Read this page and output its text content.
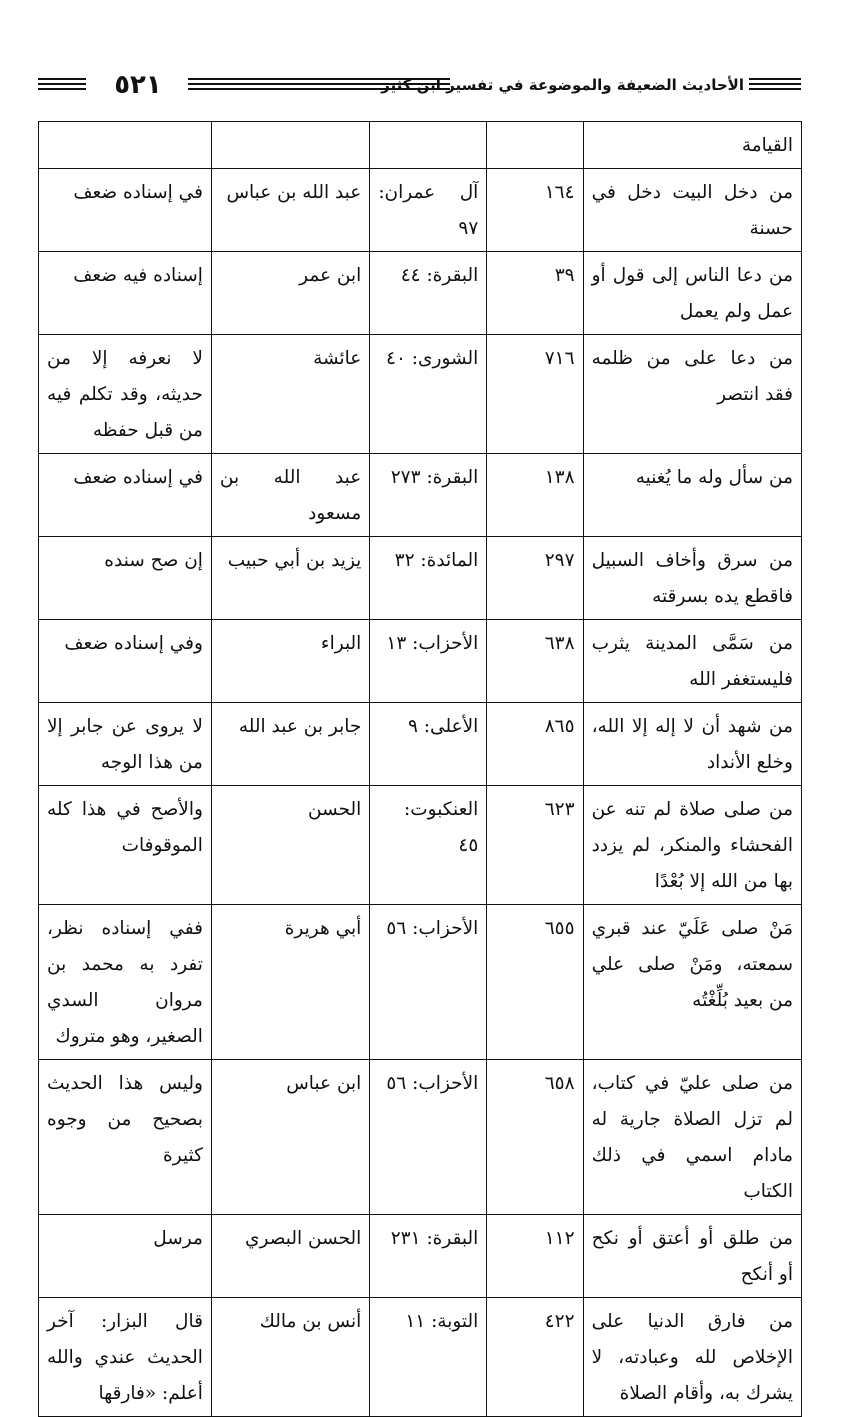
٥٢١	الأحاديث الضعيفة والموضوعة في تفسير ابن كثير
القيامة				
من دخل البيت دخل في حسنة	١٦٤	آل عمران: ٩٧	عبد الله بن عباس	في إسناده ضعف
من دعا الناس إلى قول أو عمل ولم يعمل	٣٩	البقرة: ٤٤	ابن عمر	إسناده فيه ضعف
من دعا على من ظلمه فقد انتصر	٧١٦	الشورى: ٤٠	عائشة	لا نعرفه إلا من حديثه، وقد تكلم فيه من قبل حفظه
من سأل وله ما يُغنيه	١٣٨	البقرة: ٢٧٣	عبد الله بن مسعود	في إسناده ضعف
من سرق وأخاف السبيل فاقطع يده بسرقته	٢٩٧	المائدة: ٣٢	يزيد بن أبي حبيب	إن صح سنده
من سَمَّى المدينة يثرب فليستغفر الله	٦٣٨	الأحزاب: ١٣	البراء	وفي إسناده ضعف
من شهد أن لا إله إلا الله، وخلع الأنداد	٨٦٥	الأعلى: ٩	جابر بن عبد الله	لا يروى عن جابر إلا من هذا الوجه
من صلى صلاة لم تنه عن الفحشاء والمنكر، لم يزدد بها من الله إلا بُعْدًا	٦٢٣	العنكبوت: ٤٥	الحسن	والأصح في هذا كله الموقوفات
مَنْ صلى عَلَيّ عند قبري سمعته، ومَنْ صلى علي من بعيد بُلِّغْتُه	٦٥٥	الأحزاب: ٥٦	أبي هريرة	ففي إسناده نظر، تفرد به محمد بن مروان السدي الصغير، وهو متروك
من صلى عليّ في كتاب، لم تزل الصلاة جارية له مادام اسمي في ذلك الكتاب	٦٥٨	الأحزاب: ٥٦	ابن عباس	وليس هذا الحديث بصحيح من وجوه كثيرة
من طلق أو أعتق أو نكح أو أنكح	١١٢	البقرة: ٢٣١	الحسن البصري	مرسل
من فارق الدنيا على الإخلاص لله وعبادته، لا يشرك به، وأقام الصلاة	٤٢٢	التوبة: ١١	أنس بن مالك	قال البزار: آخر الحديث عندي والله أعلم: «فارقها
